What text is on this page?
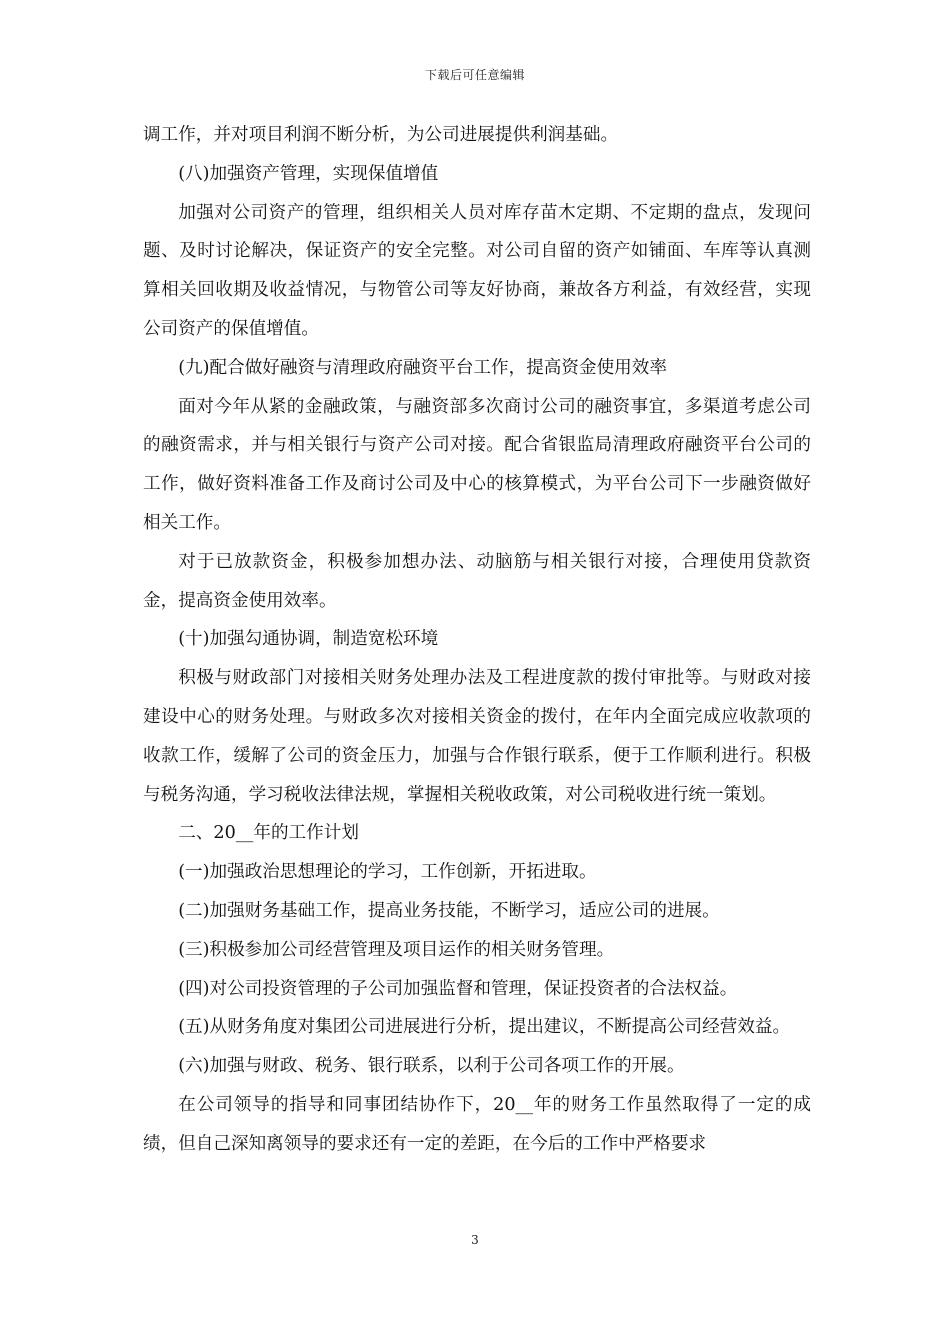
下载后可任意编辑

调工作，并对项目利润不断分析，为公司进展提供利润基础。

(八)加强资产管理，实现保值增值

加强对公司资产的管理，组织相关人员对库存苗木定期、不定期的盘点，发现问题、及时讨论解决，保证资产的安全完整。对公司自留的资产如铺面、车库等认真测算相关回收期及收益情况，与物管公司等友好协商，兼故各方利益，有效经营，实现公司资产的保值增值。

(九)配合做好融资与清理政府融资平台工作，提高资金使用效率

面对今年从紧的金融政策，与融资部多次商讨公司的融资事宜，多渠道考虑公司的融资需求，并与相关银行与资产公司对接。配合省银监局清理政府融资平台公司的工作，做好资料准备工作及商讨公司及中心的核算模式，为平台公司下一步融资做好相关工作。

对于已放款资金，积极参加想办法、动脑筋与相关银行对接，合理使用贷款资金，提高资金使用效率。

(十)加强勾通协调，制造宽松环境

积极与财政部门对接相关财务处理办法及工程进度款的拨付审批等。与财政对接建设中心的财务处理。与财政多次对接相关资金的拨付，在年内全面完成应收款项的收款工作，缓解了公司的资金压力，加强与合作银行联系，便于工作顺利进行。积极与税务沟通，学习税收法律法规，掌握相关税收政策，对公司税收进行统一策划。

二、20__年的工作计划

(一)加强政治思想理论的学习，工作创新，开拓进取。

(二)加强财务基础工作，提高业务技能，不断学习，适应公司的进展。

(三)积极参加公司经营管理及项目运作的相关财务管理。

(四)对公司投资管理的子公司加强监督和管理，保证投资者的合法权益。

(五)从财务角度对集团公司进展进行分析，提出建议，不断提高公司经营效益。

(六)加强与财政、税务、银行联系，以利于公司各项工作的开展。

在公司领导的指导和同事团结协作下，20__年的财务工作虽然取得了一定的成绩，但自己深知离领导的要求还有一定的差距，在今后的工作中严格要求

3
